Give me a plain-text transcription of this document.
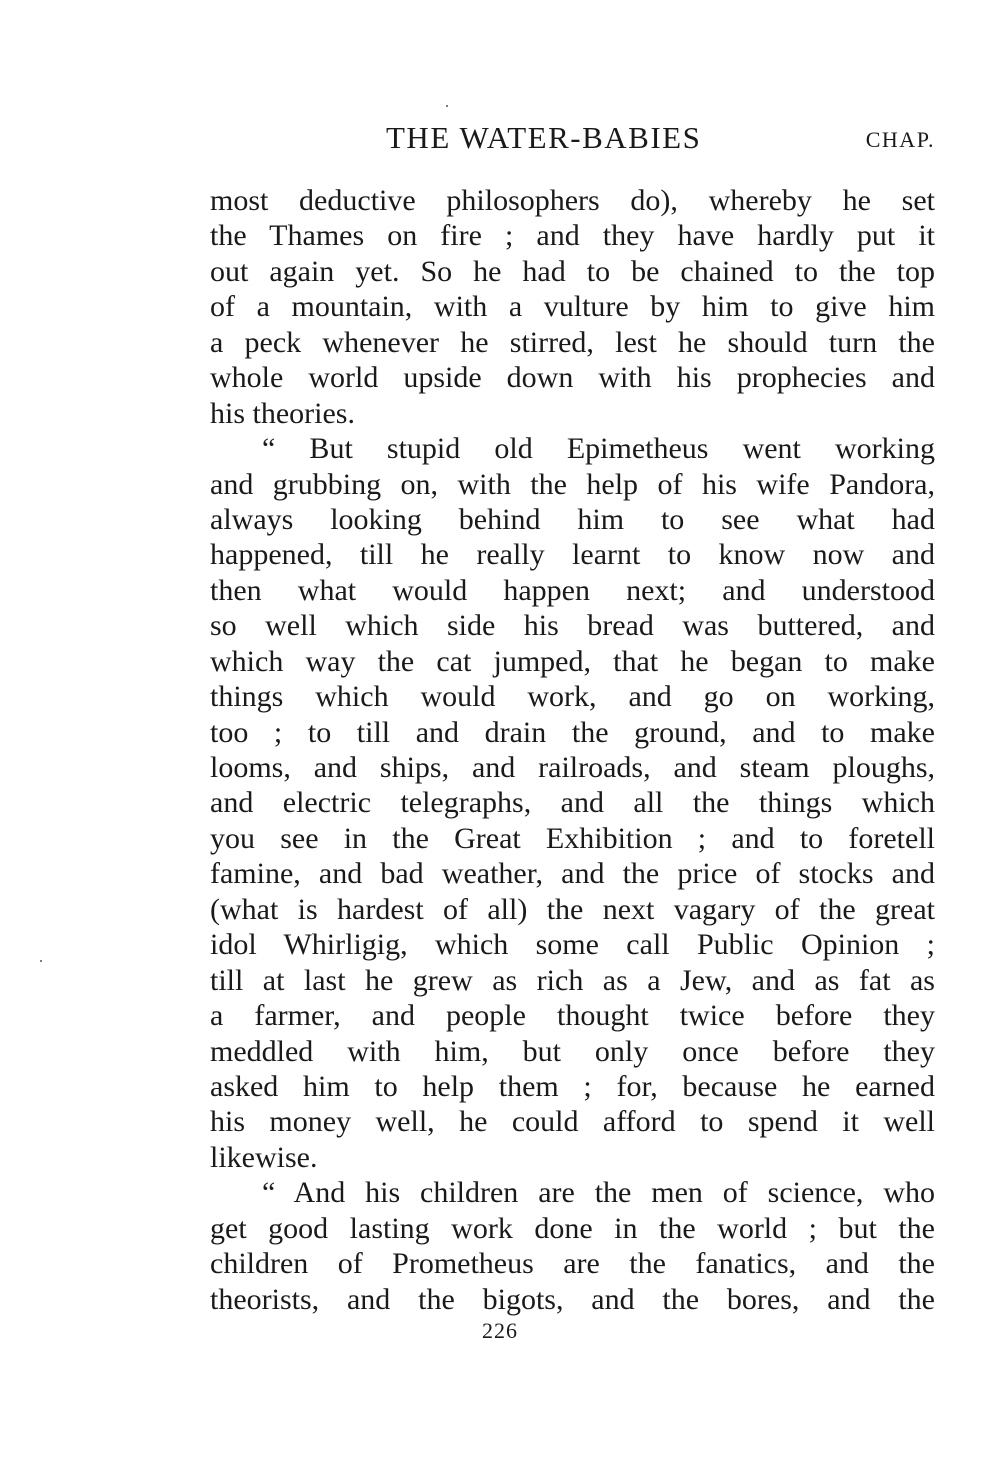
THE WATER-BABIES	CHAP.
most deductive philosophers do), whereby he set
the Thames on fire ; and they have hardly put it
out again yet. So he had to be chained to the top
of a mountain, with a vulture by him to give him
a peck whenever he stirred, lest he should turn the
whole world upside down with his prophecies and
his theories.
“ But stupid old Epimetheus went working
and grubbing on, with the help of his wife Pandora,
always looking behind him to see what had
happened, till he really learnt to know now and
then what would happen next; and understood
so well which side his bread was buttered, and
which way the cat jumped, that he began to make
things which would work, and go on working,
too ; to till and drain the ground, and to make
looms, and ships, and railroads, and steam ploughs,
and electric telegraphs, and all the things which
you see in the Great Exhibition ; and to foretell
famine, and bad weather, and the price of stocks and
(what is hardest of all) the next vagary of the great
idol Whirligig, which some call Public Opinion ;
till at last he grew as rich as a Jew, and as fat as
a farmer, and people thought twice before they
meddled with him, but only once before they
asked him to help them ; for, because he earned
his money well, he could afford to spend it well
likewise.
“ And his children are the men of science, who
get good lasting work done in the world ; but the
children of Prometheus are the fanatics, and the
theorists, and the bigots, and the bores, and the
226
